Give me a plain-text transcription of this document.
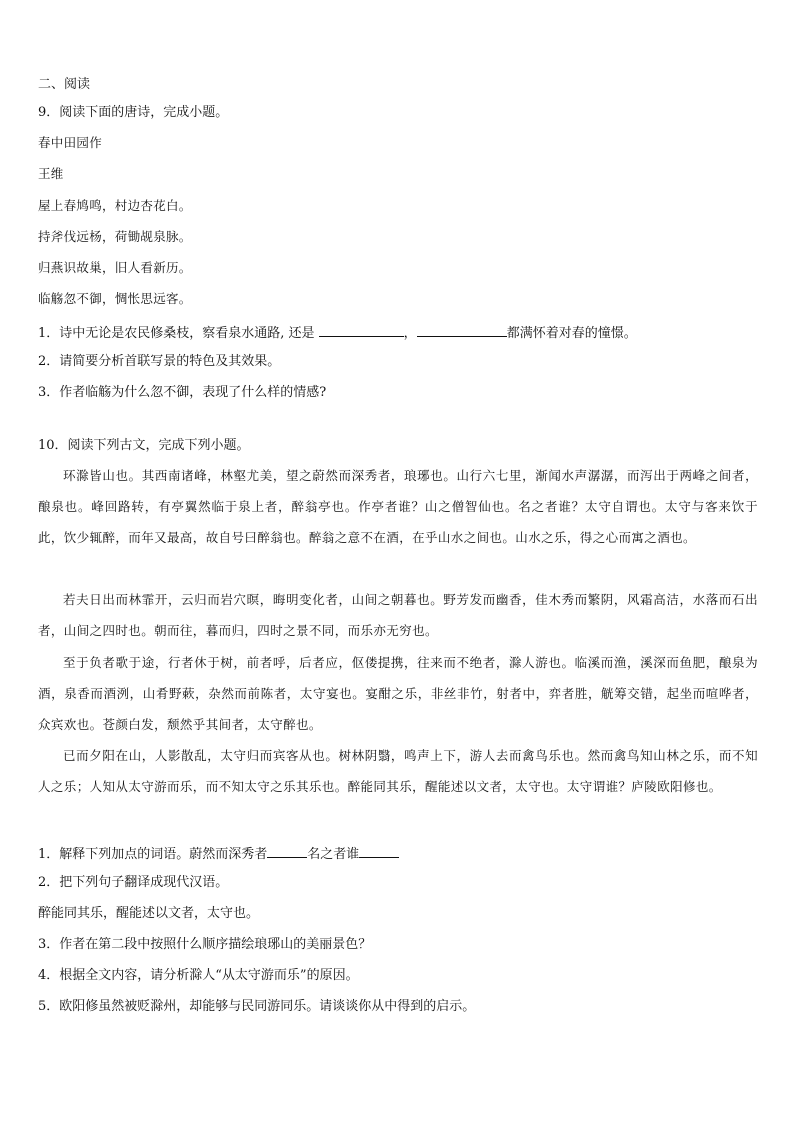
二、阅读
9．阅读下面的唐诗，完成小题。
春中田园作
王维
屋上春鸠鸣，村边杏花白。
持斧伐远杨，荷锄觇泉脉。
归燕识故巢，旧人看新历。
临觞忽不御，惆怅思远客。
1．诗中无论是农民修桑枝，察看泉水通路, 还是	，	都满怀着对春的憧憬。
2．请简要分析首联写景的特色及其效果。
3．作者临觞为什么忽不御，表现了什么样的情感?
10．阅读下列古文，完成下列小题。

环滁皆山也。其西南诸峰，林壑尤美，望之蔚然而深秀者，琅琊也。山行六七里，渐闻水声潺潺，而泻出于两峰之间者，酿泉也。峰回路转，有亭翼然临于泉上者，醉翁亭也。作亭者谁？山之僧智仙也。名之者谁？太守自谓也。太守与客来饮于此，饮少辄醉，而年又最高，故自号曰醉翁也。醉翁之意不在酒，在乎山水之间也。山水之乐，得之心而寓之酒也。

若夫日出而林霏开，云归而岩穴暝，晦明变化者，山间之朝暮也。野芳发而幽香，佳木秀而繁阴，风霜高洁，水落而石出者，山间之四时也。朝而往，暮而归，四时之景不同，而乐亦无穷也。

至于负者歌于途，行者休于树，前者呼，后者应，伛偻提携，往来而不绝者，滁人游也。临溪而渔，溪深而鱼肥，酿泉为酒，泉香而酒洌，山肴野蔌，杂然而前陈者，太守宴也。宴酣之乐，非丝非竹，射者中，弈者胜，觥筹交错，起坐而喧哗者，众宾欢也。苍颜白发，颓然乎其间者，太守醉也。

已而夕阳在山，人影散乱，太守归而宾客从也。树林阴翳，鸣声上下，游人去而禽鸟乐也。然而禽鸟知山林之乐，而不知人之乐；人知从太守游而乐，而不知太守之乐其乐也。醉能同其乐，醒能述以文者，太守也。太守谓谁？庐陵欧阳修也。

1．解释下列加点的词语。蔚然而深秀者	名之者谁
2．把下列句子翻译成现代汉语。
醉能同其乐，醒能述以文者，太守也。
3．作者在第二段中按照什么顺序描绘琅琊山的美丽景色？
4．根据全文内容，请分析滁人“从太守游而乐”的原因。
5．欧阳修虽然被贬滁州，却能够与民同游同乐。请谈谈你从中得到的启示。
